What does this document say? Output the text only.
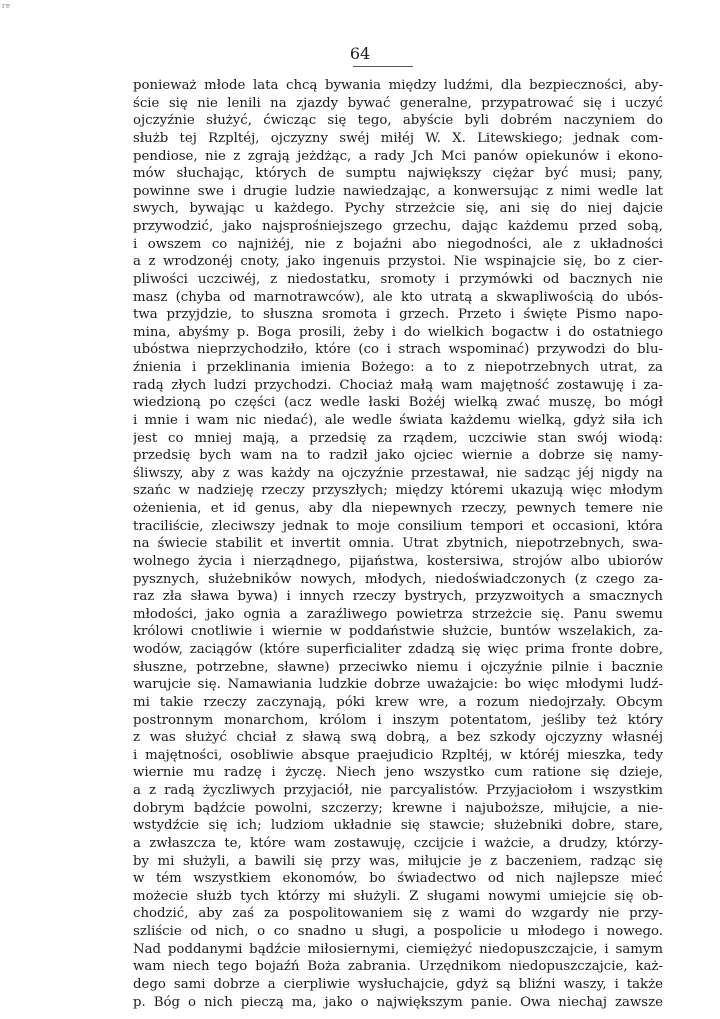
re
64
ponieważ młode lata chcą bywania między ludźmi, dla bezpieczności, aby-
ście się nie lenili na zjazdy bywać generalne, przypatrować się i uczyć
ojczyźnie służyć, ćwicząc się tego, abyście byli dobrém naczyniem do
służb tej Rzpltéj, ojczyzny swéj miłéj W. X. Litewskiego; jednak com-
pendiose, nie z zgrają jeżdżąc, a rady Jch Mci panów opiekunów i ekono-
mów słuchając, których de sumptu największy ciężar być musi; pany,
powinne swe i drugie ludzie nawiedzając, a konwersując z nimi wedle lat
swych, bywając u każdego. Pychy strzeżcie się, ani się do niej dajcie
przywodzić, jako najsprośniejszego grzechu, dając każdemu przed sobą,
i owszem co najniżéj, nie z bojaźni abo niegodności, ale z układności
a z wrodzonéj cnoty, jako ingenuis przystoi. Nie wspinajcie się, bo z cier-
pliwości uczciwéj, z niedostatku, sromoty i przymówki od bacznych nie
masz (chyba od marnotrawców), ale kto utratą a skwapliwością do ubós-
twa przyjdzie, to słuszna sromota i grzech. Przeto i święte Pismo napo-
mina, abyśmy p. Boga prosili, żeby i do wielkich bogactw i do ostatniego
ubóstwa nieprzychodziło, które (co i strach wspominać) przywodzi do blu-
źnienia i przeklinania imienia Bożego: a to z niepotrzebnych utrat, za
radą złych ludzi przychodzi. Chociaż małą wam majętność zostawuję i za-
wiedzioną po części (acz wedle łaski Bożéj wielką zwać muszę, bo mógł
i mnie i wam nic niedać), ale wedle świata każdemu wielką, gdyż siła ich
jest co mniej mają, a przedsię za rządem, uczciwie stan swój wiodą:
przedsię bych wam na to radził jako ojciec wiernie a dobrze się namy-
śliwszy, aby z was każdy na ojczyźnie przestawał, nie sadząc jéj nigdy na
szańc w nadzieję rzeczy przyszłych; między któremi ukazują więc młodym
ożenienia, et id genus, aby dla niepewnych rzeczy, pewnych temere nie
traciliście, zleciwszy jednak to moje consilium tempori et occasioni, która
na świecie stabilit et invertit omnia. Utrat zbytnich, niepotrzebnych, swa-
wolnego życia i nierządnego, pijaństwa, kostersiwa, strojów albo ubiorów
pysznych, służebników nowych, młodych, niedoświadczonych (z czego za-
raz zła sława bywa) i innych rzeczy bystrych, przyzwoitych a smacznych
młodości, jako ognia a zaraźliwego powietrza strzeżcie się. Panu swemu
królowi cnotliwie i wiernie w poddaństwie służcie, buntów wszelakich, za-
wodów, zaciągów (które superficialiter zdadzą się więc prima fronte dobre,
słuszne, potrzebne, sławne) przeciwko niemu i ojczyźnie pilnie i bacznie
warujcie się. Namawiania ludzkie dobrze uważajcie: bo więc młodymi ludź-
mi takie rzeczy zaczynają, póki krew wre, a rozum niedojrzały. Obcym
postronnym monarchom, królom i inszym potentatom, jeśliby też który
z was służyć chciał z sławą swą dobrą, a bez szkody ojczyzny własnéj
i majętności, osobliwie absque praejudicio Rzpltéj, w któréj mieszka, tedy
wiernie mu radzę i życzę. Niech jeno wszystko cum ratione się dzieje,
a z radą życzliwych przyjaciół, nie parcyalistów. Przyjaciołom i wszystkim
dobrym bądźcie powolni, szczerzy; krewne i najuboższe, miłujcie, a nie-
wstydźcie się ich; ludziom układnie się stawcie; służebniki dobre, stare,
a zwłaszcza te, które wam zostawuję, czcijcie i ważcie, a drudzy, którzy-
by mi służyli, a bawili się przy was, miłujcie je z baczeniem, radząc się
w tém wszystkiem ekonomów, bo świadectwo od nich najlepsze mieć
możecie służb tych którzy mi służyli. Z sługami nowymi umiejcie się ob-
chodzić, aby zaś za pospolitowaniem się z wami do wzgardy nie przy-
szliście od nich, o co snadno u sługi, a pospolicie u młodego i nowego.
Nad poddanymi bądźcie miłosiernymi, ciemiężyć niedopuszczajcie, i samym
wam niech tego bojaźń Boża zabrania. Urzędnikom niedopuszczajcie, każ-
dego sami dobrze a cierpliwie wysłuchajcie, gdyż są bliźni waszy, i także
p. Bóg o nich pieczą ma, jako o największym panie. Owa niechaj zawsze
